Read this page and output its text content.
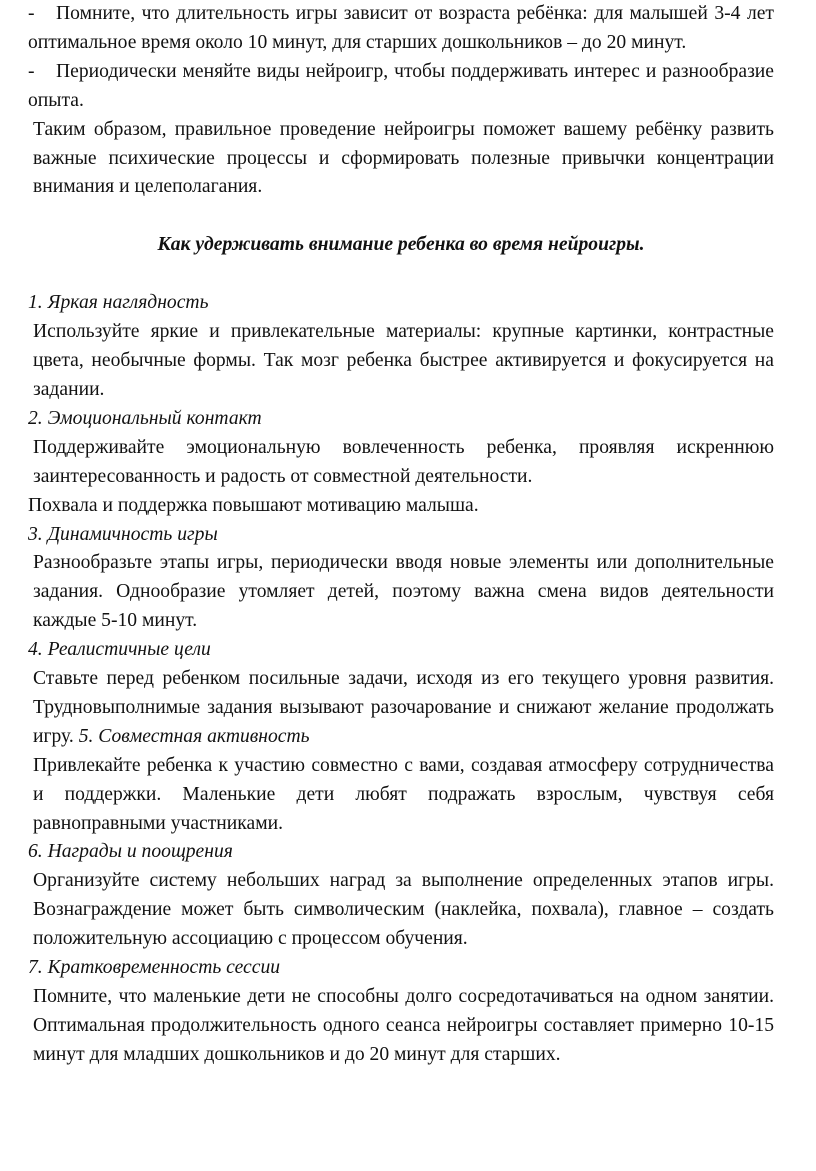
- Помните, что длительность игры зависит от возраста ребёнка: для малышей 3-4 лет оптимальное время около 10 минут, для старших дошкольников – до 20 минут.

- Периодически меняйте виды нейроигр, чтобы поддерживать интерес и разнообразие опыта.

Таким образом, правильное проведение нейроигры поможет вашему ребёнку развить важные психические процессы и сформировать полезные привычки концентрации внимания и целеполагания.

Как удерживать внимание ребенка во время нейроигры.

1. Яркая наглядность

Используйте яркие и привлекательные материалы: крупные картинки, контрастные цвета, необычные формы. Так мозг ребенка быстрее активируется и фокусируется на задании.

2. Эмоциональный контакт

Поддерживайте эмоциональную вовлеченность ребенка, проявляя искреннюю заинтересованность и радость от совместной деятельности.

Похвала и поддержка повышают мотивацию малыша.

3. Динамичность игры

Разнообразьте этапы игры, периодически вводя новые элементы или дополнительные задания. Однообразие утомляет детей, поэтому важна смена видов деятельности каждые 5-10 минут.

4. Реалистичные цели

Ставьте перед ребенком посильные задачи, исходя из его текущего уровня развития. Трудновыполнимые задания вызывают разочарование и снижают желание продолжать игру. 5. Совместная активность

Привлекайте ребенка к участию совместно с вами, создавая атмосферу сотрудничества и поддержки. Маленькие дети любят подражать взрослым, чувствуя себя равноправными участниками.

6. Награды и поощрения

Организуйте систему небольших наград за выполнение определенных этапов игры. Вознаграждение может быть символическим (наклейка, похвала), главное – создать положительную ассоциацию с процессом обучения.

7. Кратковременность сессии

Помните, что маленькие дети не способны долго сосредотачиваться на одном занятии. Оптимальная продолжительность одного сеанса нейроигры составляет примерно 10-15 минут для младших дошкольников и до 20 минут для старших.
